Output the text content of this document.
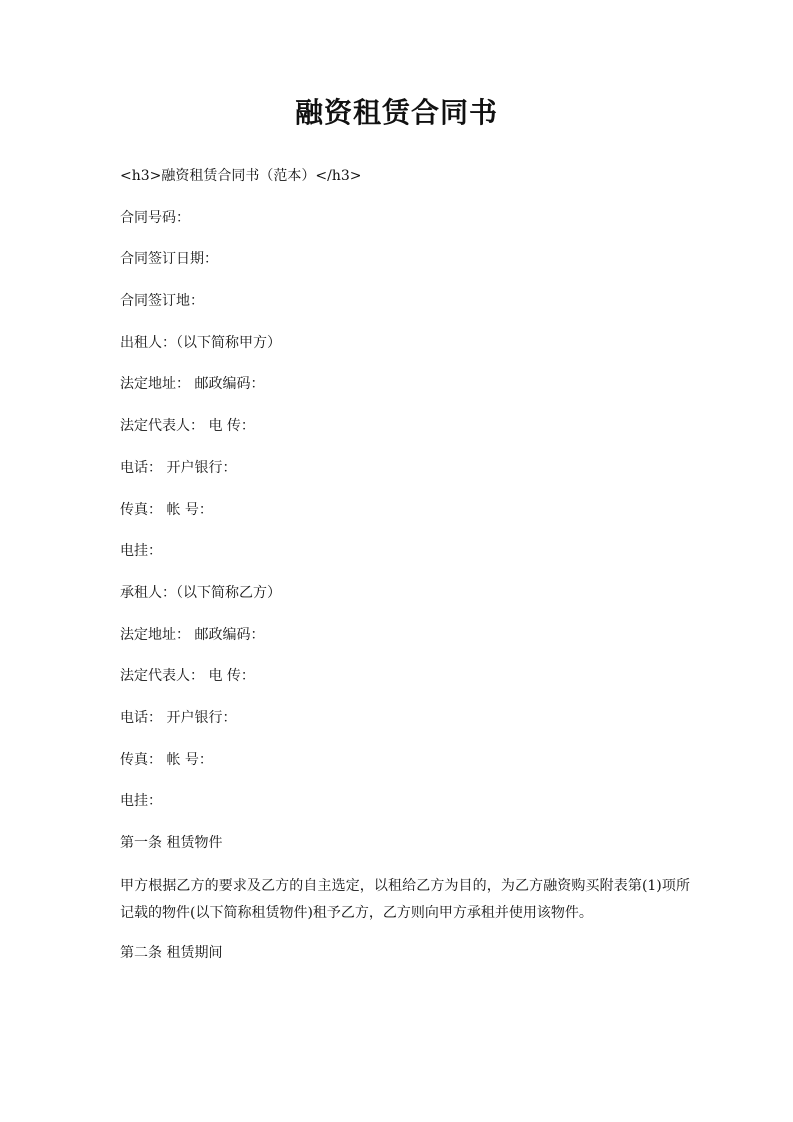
融资租赁合同书
<h3>融资租赁合同书（范本）</h3>
合同号码：
合同签订日期：
合同签订地：
出租人：（以下简称甲方）
法定地址： 邮政编码：
法定代表人： 电 传：
电话： 开户银行：
传真： 帐 号：
电挂：
承租人：（以下简称乙方）
法定地址： 邮政编码：
法定代表人： 电 传：
电话： 开户银行：
传真： 帐 号：
电挂：
第一条 租赁物件
甲方根据乙方的要求及乙方的自主选定，以租给乙方为目的，为乙方融资购买附表第(1)项所记载的物件(以下简称租赁物件)租予乙方，乙方则向甲方承租并使用该物件。
第二条 租赁期间
